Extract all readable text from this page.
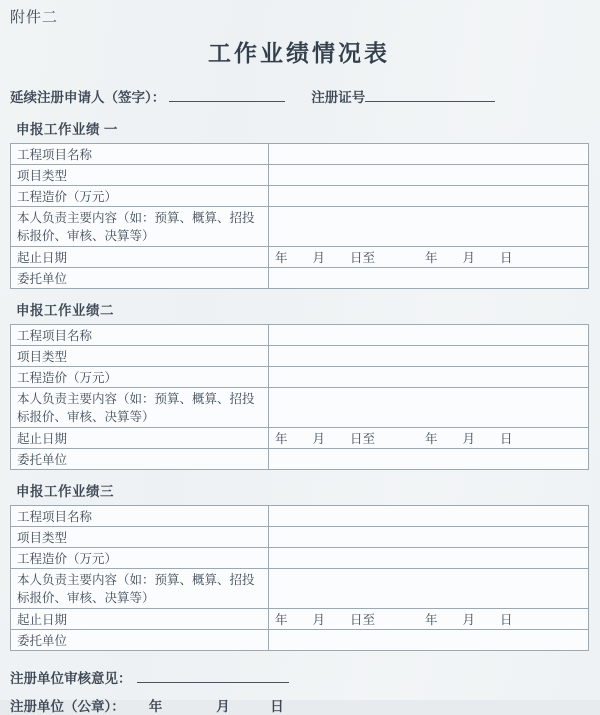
附件二
工作业绩情况表
延续注册申请人（签字）：	注册证号
申报工作业绩 一
工程项目名称	
项目类型	
工程造价（万元）	
本人负责主要内容（如：预算、概算、招投标报价、审核、决算等）	
起止日期	年　　月　　日至　　　　年　　月　　日
委托单位	
申报工作业绩二
工程项目名称	
项目类型	
工程造价（万元）	
本人负责主要内容（如：预算、概算、招投标报价、审核、决算等）	
起止日期	年　　月　　日至　　　　年　　月　　日
委托单位	
申报工作业绩三
工程项目名称	
项目类型	
工程造价（万元）	
本人负责主要内容（如：预算、概算、招投标报价、审核、决算等）	
起止日期	年　　月　　日至　　　　年　　月　　日
委托单位	
注册单位审核意见：
注册单位（公章）： 年　　　　月　　　日
